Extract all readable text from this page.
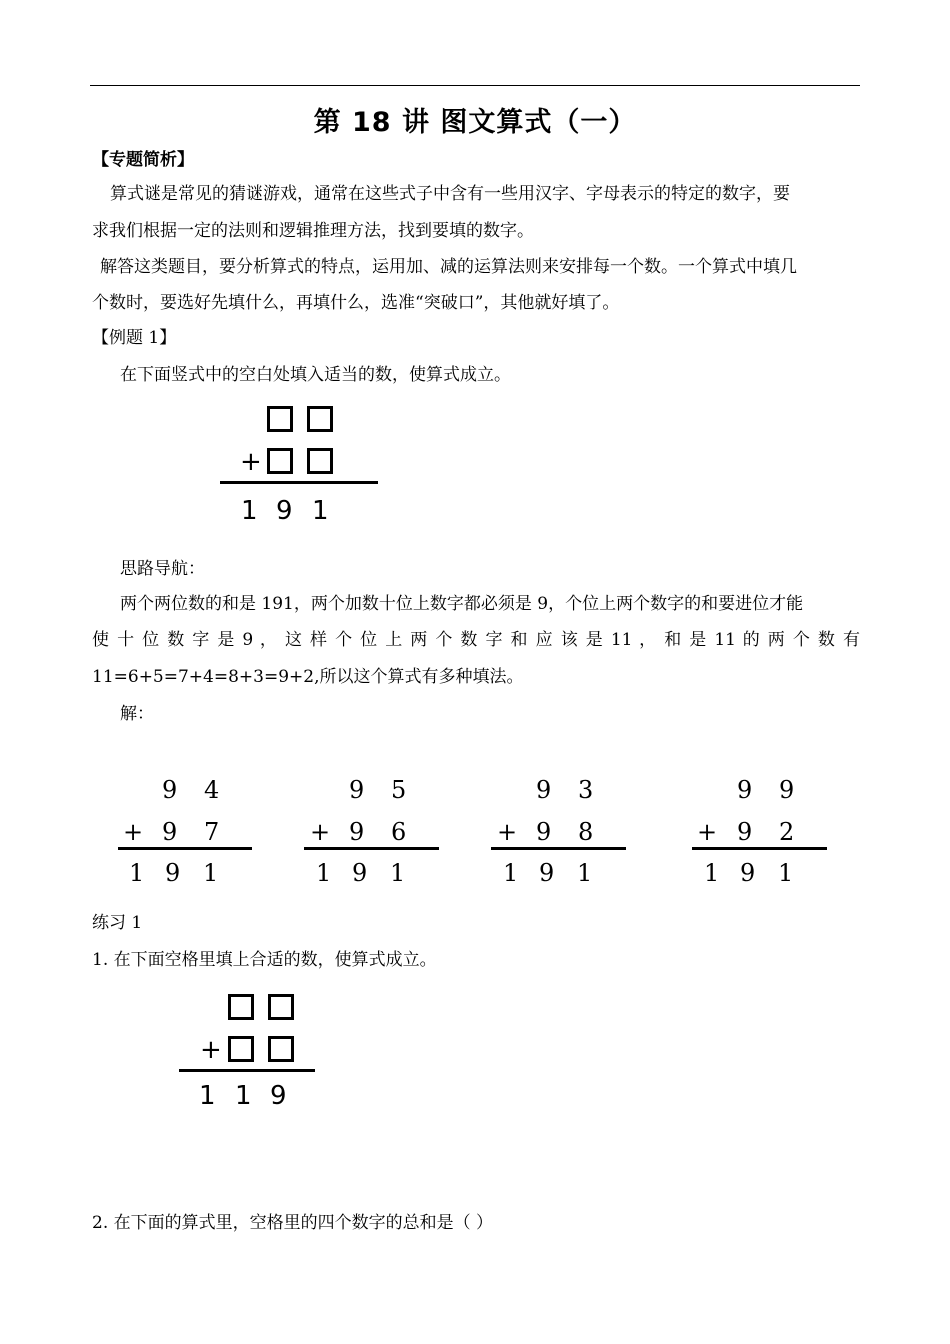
第 18 讲 图文算式（一）
【专题简析】
算式谜是常见的猜谜游戏，通常在这些式子中含有一些用汉字、字母表示的特定的数字，要
求我们根据一定的法则和逻辑推理方法，找到要填的数字。
解答这类题目，要分析算式的特点，运用加、减的运算法则来安排每一个数。一个算式中填几
个数时，要选好先填什么，再填什么，选准“突破口”，其他就好填了。
【例题 1】
在下面竖式中的空白处填入适当的数，使算式成立。
+
1 9 1
思路导航：
两个两位数的和是 191，两个加数十位上数字都必须是 9，个位上两个数字的和要进位才能
使 十 位 数 字 是 9 ， 这 样 个 位 上 两 个 数 字 和 应 该 是 11 ， 和 是 11 的 两 个 数 有
11=6+5=7+4=8+3=9+2,所以这个算式有多种填法。
解：
9 4
+ 9 7
1 9 1
9 5
+ 9 6
1 9 1
9 3
+ 9 8
1 9 1
9 9
+ 9 2
1 9 1
练习 1
1. 在下面空格里填上合适的数，使算式成立。
+
1 1 9
2. 在下面的算式里，空格里的四个数字的总和是（ ）
